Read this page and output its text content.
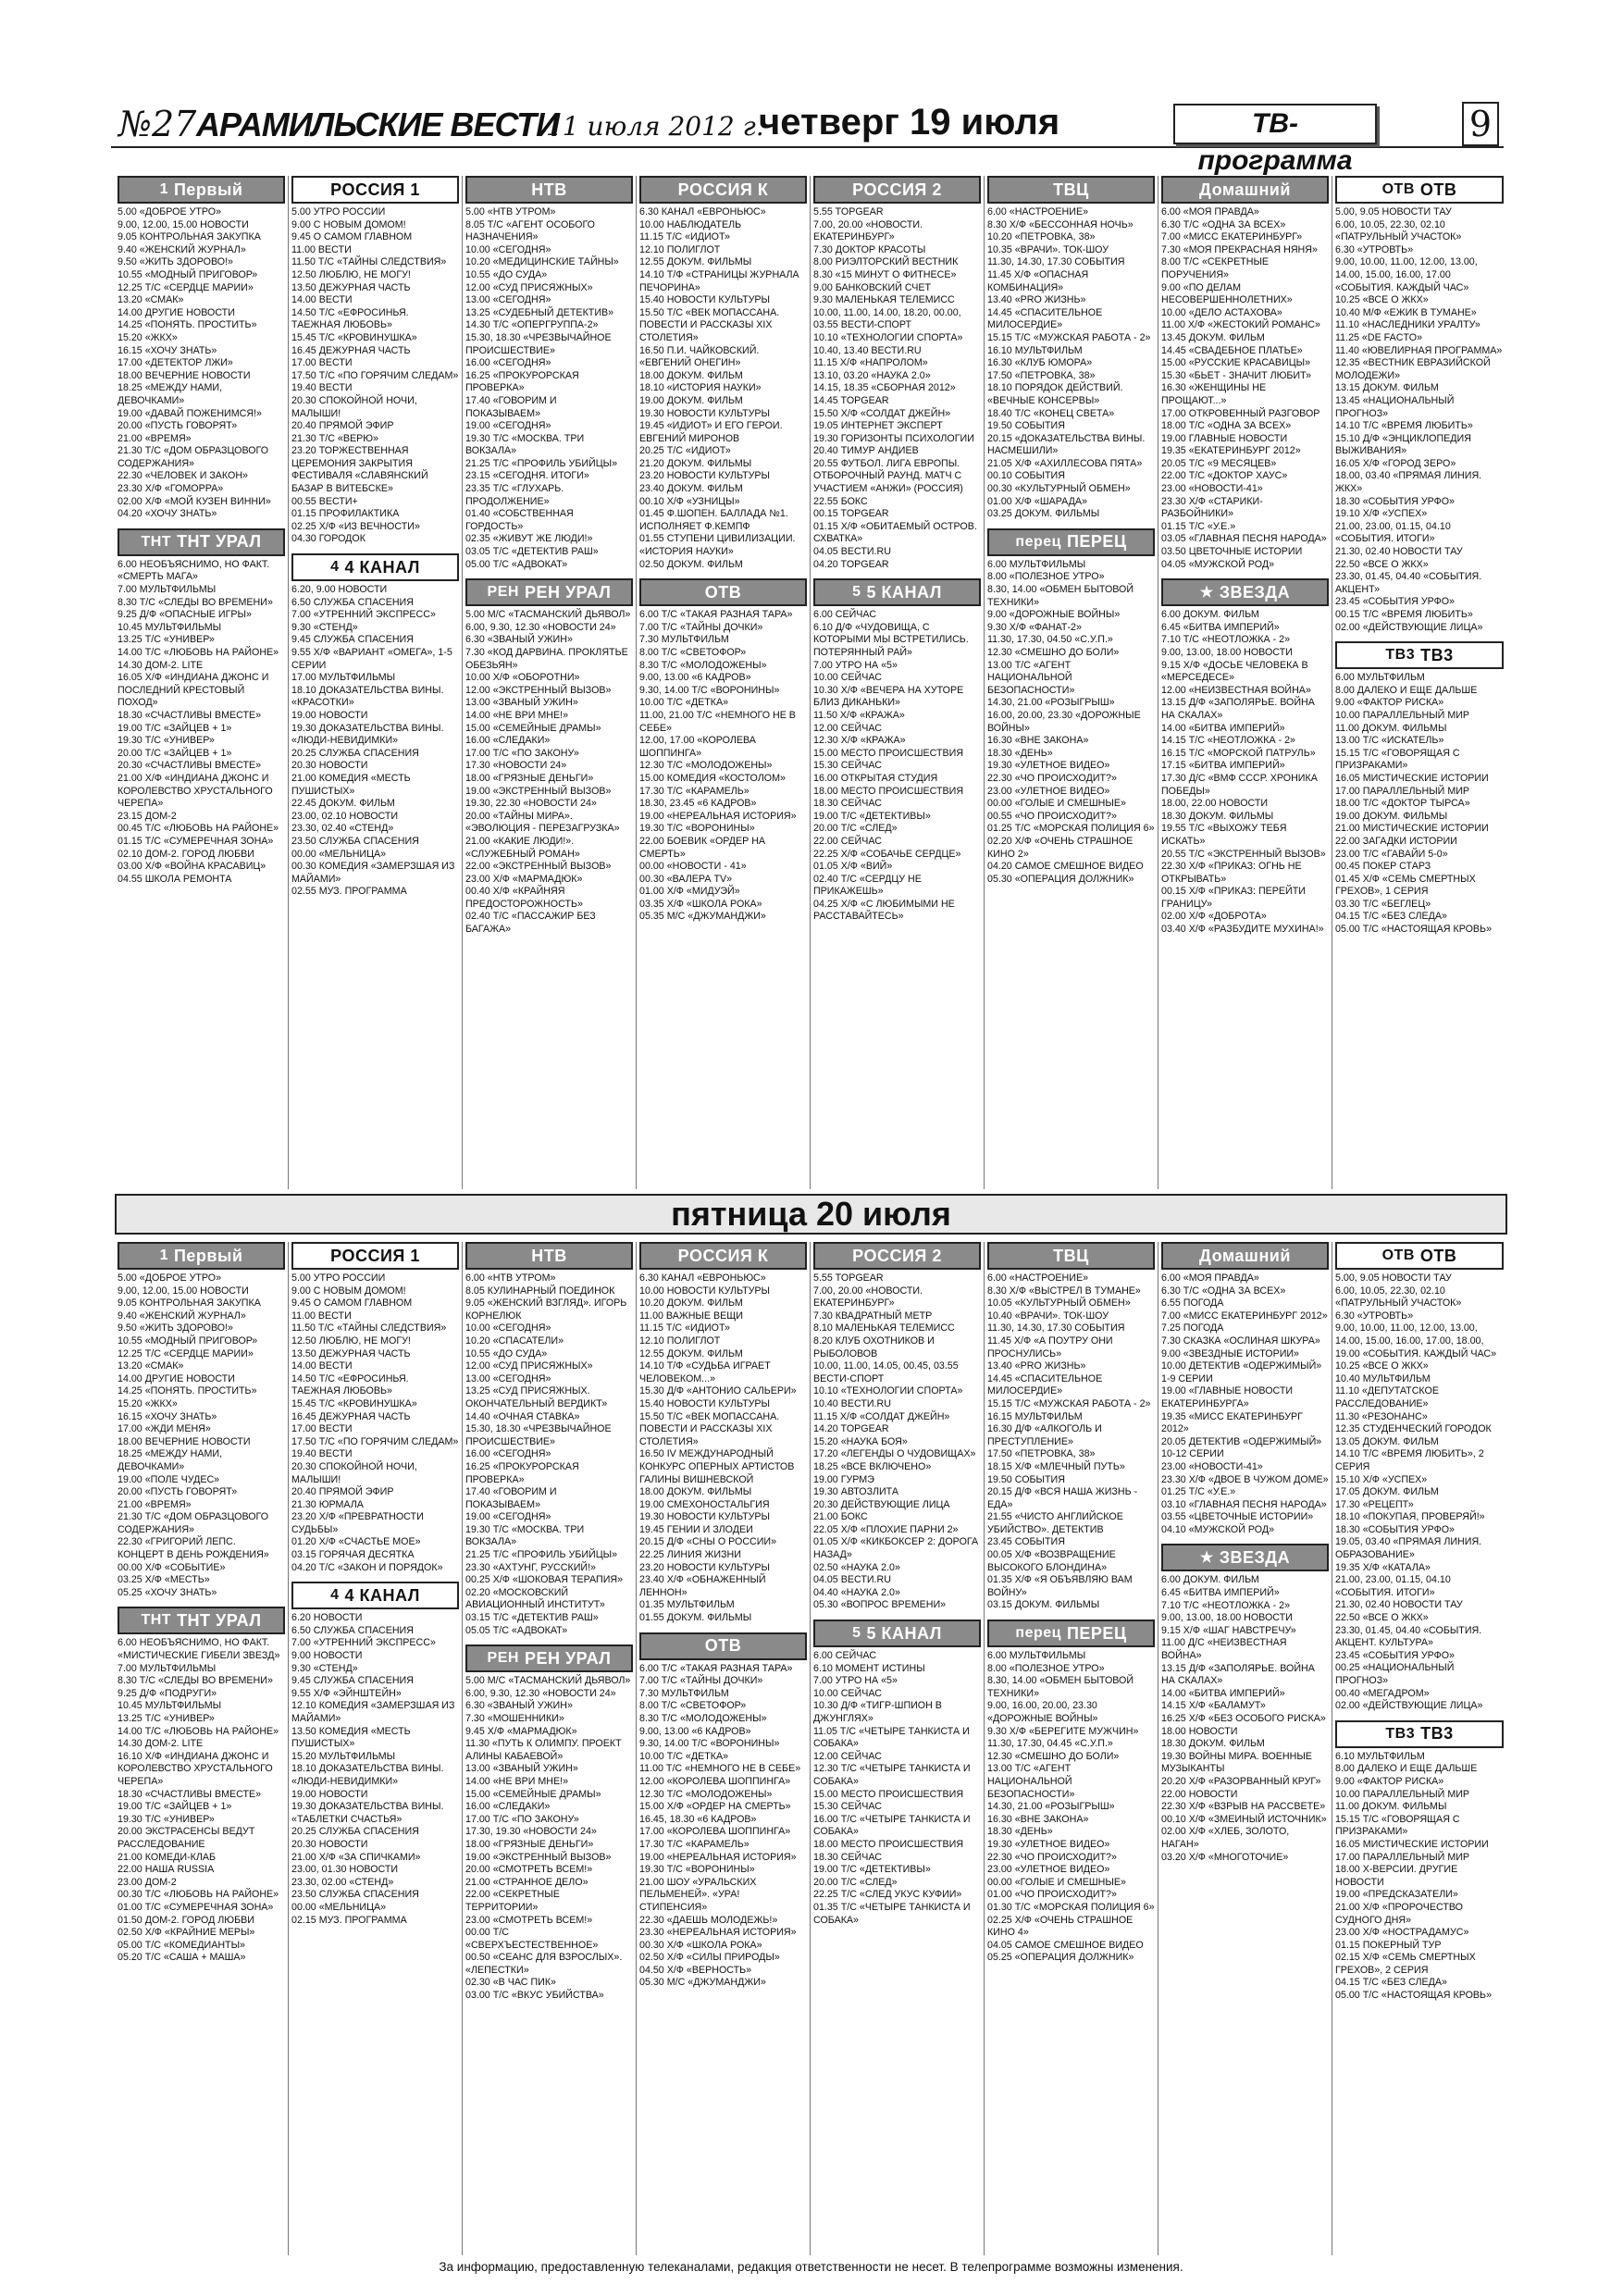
№27 АРАМИЛЬСКИЕ ВЕСТИ
11 июля 2012 г.
четверг 19 июля	ТВ-программа
9
1 Первый
5.00 «ДОБРОЕ УТРО»
9.00, 12.00, 15.00 НОВОСТИ
9.05 КОНТРОЛЬНАЯ ЗАКУПКА
9.40 «ЖЕНСКИЙ ЖУРНАЛ»
9.50 «ЖИТЬ ЗДОРОВО!»
10.55 «МОДНЫЙ ПРИГОВОР»
12.25 Т/С «СЕРДЦЕ МАРИИ»
13.20 «СМАК»
14.00 ДРУГИЕ НОВОСТИ
14.25 «ПОНЯТЬ. ПРОСТИТЬ»
15.20 «ЖКХ»
16.15 «ХОЧУ ЗНАТЬ»
17.00 «ДЕТЕКТОР ЛЖИ»
18.00 ВЕЧЕРНИЕ НОВОСТИ
18.25 «МЕЖДУ НАМИ, ДЕВОЧКАМИ»
19.00 «ДАВАЙ ПОЖЕНИМСЯ!»
20.00 «ПУСТЬ ГОВОРЯТ»
21.00 «ВРЕМЯ»
21.30 Т/С «ДОМ ОБРАЗЦОВОГО СОДЕРЖАНИЯ»
22.30 «ЧЕЛОВЕК И ЗАКОН»
23.30 Х/Ф «ГОМОРРА»
02.00 Х/Ф «МОЙ КУЗЕН ВИННИ»
04.20 «ХОЧУ ЗНАТЬ»
ТНТ ТНТ УРАЛ
6.00 НЕОБЪЯСНИМО, НО ФАКТ. «СМЕРТЬ МАГА»
7.00 МУЛЬТФИЛЬМЫ
8.30 Т/С «СЛЕДЫ ВО ВРЕМЕНИ»
9.25 Д/Ф «ОПАСНЫЕ ИГРЫ»
10.45 МУЛЬТФИЛЬМЫ
13.25 Т/С «УНИВЕР»
14.00 Т/С «ЛЮБОВЬ НА РАЙОНЕ»
14.30 ДОМ-2. LITE
16.05 Х/Ф «ИНДИАНА ДЖОНС И ПОСЛЕДНИЙ КРЕСТОВЫЙ ПОХОД»
18.30 «СЧАСТЛИВЫ ВМЕСТЕ»
19.00 Т/С «ЗАЙЦЕВ + 1»
19.30 Т/С «УНИВЕР»
20.00 Т/С «ЗАЙЦЕВ + 1»
20.30 «СЧАСТЛИВЫ ВМЕСТЕ»
21.00 Х/Ф «ИНДИАНА ДЖОНС И КОРОЛЕВСТВО ХРУСТАЛЬНОГО ЧЕРЕПА»
23.15 ДОМ-2
00.45 Т/С «ЛЮБОВЬ НА РАЙОНЕ»
01.15 Т/С «СУМЕРЕЧНАЯ ЗОНА»
02.10 ДОМ-2. ГОРОД ЛЮБВИ
03.00 Х/Ф «ВОЙНА КРАСАВИЦ»
04.55 ШКОЛА РЕМОНТА
РОССИЯ 1
5.00 УТРО РОССИИ
9.00 С НОВЫМ ДОМОМ!
9.45 О САМОМ ГЛАВНОМ
11.00 ВЕСТИ
11.50 Т/С «ТАЙНЫ СЛЕДСТВИЯ»
12.50 ЛЮБЛЮ, НЕ МОГУ!
13.50 ДЕЖУРНАЯ ЧАСТЬ
14.00 ВЕСТИ
14.50 Т/С «ЕФРОСИНЬЯ. ТАЕЖНАЯ ЛЮБОВЬ»
15.45 Т/С «КРОВИНУШКА»
16.45 ДЕЖУРНАЯ ЧАСТЬ
17.00 ВЕСТИ
17.50 Т/С «ПО ГОРЯЧИМ СЛЕДАМ»
19.40 ВЕСТИ
20.30 СПОКОЙНОЙ НОЧИ, МАЛЫШИ!
20.40 ПРЯМОЙ ЭФИР
21.30 Т/С «ВЕРЮ»
23.20 ТОРЖЕСТВЕННАЯ ЦЕРЕМОНИЯ ЗАКРЫТИЯ ФЕСТИВАЛЯ «СЛАВЯНСКИЙ БАЗАР В ВИТЕБСКЕ»
00.55 ВЕСТИ+
01.15 ПРОФИЛАКТИКА
02.25 Х/Ф «ИЗ ВЕЧНОСТИ»
04.30 ГОРОДОК
4 4 КАНАЛ
6.20, 9.00 НОВОСТИ
6.50 СЛУЖБА СПАСЕНИЯ
7.00 «УТРЕННИЙ ЭКСПРЕСС»
9.30 «СТЕНД»
9.45 СЛУЖБА СПАСЕНИЯ
9.55 Х/Ф «ВАРИАНТ «ОМЕГА», 1-5 СЕРИИ
17.00 МУЛЬТФИЛЬМЫ
18.10 ДОКАЗАТЕЛЬСТВА ВИНЫ. «КРАСОТКИ»
19.00 НОВОСТИ
19.30 ДОКАЗАТЕЛЬСТВА ВИНЫ. «ЛЮДИ-НЕВИДИМКИ»
20.25 СЛУЖБА СПАСЕНИЯ
20.30 НОВОСТИ
21.00 КОМЕДИЯ «МЕСТЬ ПУШИСТЫХ»
22.45 ДОКУМ. ФИЛЬМ
23.00, 02.10 НОВОСТИ
23.30, 02.40 «СТЕНД»
23.50 СЛУЖБА СПАСЕНИЯ
00.00 «МЕЛЬНИЦА»
00.30 КОМЕДИЯ «ЗАМЕРЗШАЯ ИЗ МАЙАМИ»
02.55 МУЗ. ПРОГРАММА
НТВ
5.00 «НТВ УТРОМ»
8.05 Т/С «АГЕНТ ОСОБОГО НАЗНАЧЕНИЯ»
10.00 «СЕГОДНЯ»
10.20 «МЕДИЦИНСКИЕ ТАЙНЫ»
10.55 «ДО СУДА»
12.00 «СУД ПРИСЯЖНЫХ»
13.00 «СЕГОДНЯ»
13.25 «СУДЕБНЫЙ ДЕТЕКТИВ»
14.30 Т/С «ОПЕРГРУППА-2»
15.30, 18.30 «ЧРЕЗВЫЧАЙНОЕ ПРОИСШЕСТВИЕ»
16.00 «СЕГОДНЯ»
16.25 «ПРОКУРОРСКАЯ ПРОВЕРКА»
17.40 «ГОВОРИМ И ПОКАЗЫВАЕМ»
19.00 «СЕГОДНЯ»
19.30 Т/С «МОСКВА. ТРИ ВОКЗАЛА»
21.25 Т/С «ПРОФИЛЬ УБИЙЦЫ»
23.15 «СЕГОДНЯ. ИТОГИ»
23.35 Т/С «ГЛУХАРЬ. ПРОДОЛЖЕНИЕ»
01.40 «СОБСТВЕННАЯ ГОРДОСТЬ»
02.35 «ЖИВУТ ЖЕ ЛЮДИ!»
03.05 Т/С «ДЕТЕКТИВ РАШ»
05.00 Т/С «АДВОКАТ»
РЕН РЕН УРАЛ
5.00 М/С «ТАСМАНСКИЙ ДЬЯВОЛ»
6.00, 9.30, 12.30 «НОВОСТИ 24»
6.30 «ЗВАНЫЙ УЖИН»
7.30 «КОД ДАРВИНА. ПРОКЛЯТЬЕ ОБЕЗЬЯН»
10.00 Х/Ф «ОБОРОТНИ»
12.00 «ЭКСТРЕННЫЙ ВЫЗОВ»
13.00 «ЗВАНЫЙ УЖИН»
14.00 «НЕ ВРИ МНЕ!»
15.00 «СЕМЕЙНЫЕ ДРАМЫ»
16.00 «СЛЕДАКИ»
17.00 Т/С «ПО ЗАКОНУ»
17.30 «НОВОСТИ 24»
18.00 «ГРЯЗНЫЕ ДЕНЬГИ»
19.00 «ЭКСТРЕННЫЙ ВЫЗОВ»
19.30, 22.30 «НОВОСТИ 24»
20.00 «ТАЙНЫ МИРА». «ЭВОЛЮЦИЯ - ПЕРЕЗАГРУЗКА»
21.00 «КАКИЕ ЛЮДИ!». «СЛУЖЕБНЫЙ РОМАН»
22.00 «ЭКСТРЕННЫЙ ВЫЗОВ»
23.00 Х/Ф «МАРМАДЮК»
00.40 Х/Ф «КРАЙНЯЯ ПРЕДОСТОРОЖНОСТЬ»
02.40 Т/С «ПАССАЖИР БЕЗ БАГАЖА»
РОССИЯ К
6.30 КАНАЛ «ЕВРОНЬЮС»
10.00 НАБЛЮДАТЕЛЬ
11.15 Т/С «ИДИОТ»
12.10 ПОЛИГЛОТ
12.55 ДОКУМ. ФИЛЬМЫ
14.10 Т/Ф «СТРАНИЦЫ ЖУРНАЛА ПЕЧОРИНА»
15.40 НОВОСТИ КУЛЬТУРЫ
15.50 Т/С «ВЕК МОПАССАНА. ПОВЕСТИ И РАССКАЗЫ XIX СТОЛЕТИЯ»
16.50 П.И. ЧАЙКОВСКИЙ. «ЕВГЕНИЙ ОНЕГИН»
18.00 ДОКУМ. ФИЛЬМ
18.10 «ИСТОРИЯ НАУКИ»
19.00 ДОКУМ. ФИЛЬМ
19.30 НОВОСТИ КУЛЬТУРЫ
19.45 «ИДИОТ» И ЕГО ГЕРОИ. ЕВГЕНИЙ МИРОНОВ
20.25 Т/С «ИДИОТ»
21.20 ДОКУМ. ФИЛЬМЫ
23.20 НОВОСТИ КУЛЬТУРЫ
23.40 ДОКУМ. ФИЛЬМ
00.10 Х/Ф «УЗНИЦЫ»
01.45 Ф.ШОПЕН. БАЛЛАДА №1. ИСПОЛНЯЕТ Ф.КЕМПФ
01.55 СТУПЕНИ ЦИВИЛИЗАЦИИ. «ИСТОРИЯ НАУКИ»
02.50 ДОКУМ. ФИЛЬМ
ОТВ
6.00 Т/С «ТАКАЯ РАЗНАЯ ТАРА»
7.00 Т/С «ТАЙНЫ ДОЧКИ»
7.30 МУЛЬТФИЛЬМ
8.00 Т/С «СВЕТОФОР»
8.30 Т/С «МОЛОДОЖЕНЫ»
9.00, 13.00 «6 КАДРОВ»
9.30, 14.00 Т/С «ВОРОНИНЫ»
10.00 Т/С «ДЕТКА»
11.00, 21.00 Т/С «НЕМНОГО НЕ В СЕБЕ»
12.00, 17.00 «КОРОЛЕВА ШОППИНГА»
12.30 Т/С «МОЛОДОЖЕНЫ»
15.00 КОМЕДИЯ «КОСТОЛОМ»
17.30 Т/С «КАРАМЕЛЬ»
18.30, 23.45 «6 КАДРОВ»
19.00 «НЕРЕАЛЬНАЯ ИСТОРИЯ»
19.30 Т/С «ВОРОНИНЫ»
22.00 БОЕВИК «ОРДЕР НА СМЕРТЬ»
00.00 «НОВОСТИ - 41»
00.30 «ВАЛЕРА TV»
01.00 Х/Ф «МИДУЭЙ»
03.35 Х/Ф «ШКОЛА РОКА»
05.35 М/С «ДЖУМАНДЖИ»
РОССИЯ 2
5.55 TOPGEAR
7.00, 20.00 «НОВОСТИ. ЕКАТЕРИНБУРГ»
7.30 ДОКТОР КРАСОТЫ
8.00 РИЭЛТОРСКИЙ ВЕСТНИК
8.30 «15 МИНУТ О ФИТНЕСЕ»
9.00 БАНКОВСКИЙ СЧЕТ
9.30 МАЛЕНЬКАЯ ТЕЛЕМИСС
10.00, 11.00, 14.00, 18.20, 00.00, 03.55 ВЕСТИ-СПОРТ
10.10 «ТЕХНОЛОГИИ СПОРТА»
10.40, 13.40 ВЕСТИ.RU
11.15 Х/Ф «НАПРОЛОМ»
13.10, 03.20 «НАУКА 2.0»
14.15, 18.35 «СБОРНАЯ 2012»
14.45 TOPGEAR
15.50 Х/Ф «СОЛДАТ ДЖЕЙН»
19.05 ИНТЕРНЕТ ЭКСПЕРТ
19.30 ГОРИЗОНТЫ ПСИХОЛОГИИ
20.40 ТИМУР АНДИЕВ
20.55 ФУТБОЛ. ЛИГА ЕВРОПЫ. ОТБОРОЧНЫЙ РАУНД. МАТЧ С УЧАСТИЕМ «АНЖИ» (РОССИЯ)
22.55 БОКС
00.15 TOPGEAR
01.15 Х/Ф «ОБИТАЕМЫЙ ОСТРОВ. СХВАТКА»
04.05 ВЕСТИ.RU
04.20 TOPGEAR
5 5 КАНАЛ
6.00 СЕЙЧАС
6.10 Д/Ф «ЧУДОВИЩА, С КОТОРЫМИ МЫ ВСТРЕТИЛИСЬ. ПОТЕРЯННЫЙ РАЙ»
7.00 УТРО НА «5»
10.00 СЕЙЧАС
10.30 Х/Ф «ВЕЧЕРА НА ХУТОРЕ БЛИЗ ДИКАНЬКИ»
11.50 Х/Ф «КРАЖА»
12.00 СЕЙЧАС
12.30 Х/Ф «КРАЖА»
15.00 МЕСТО ПРОИСШЕСТВИЯ
15.30 СЕЙЧАС
16.00 ОТКРЫТАЯ СТУДИЯ
18.00 МЕСТО ПРОИСШЕСТВИЯ
18.30 СЕЙЧАС
19.00 Т/С «ДЕТЕКТИВЫ»
20.00 Т/С «СЛЕД»
22.00 СЕЙЧАС
22.25 Х/Ф «СОБАЧЬЕ СЕРДЦЕ»
01.05 Х/Ф «ВИЙ»
02.40 Т/С «СЕРДЦУ НЕ ПРИКАЖЕШЬ»
04.25 Х/Ф «С ЛЮБИМЫМИ НЕ РАССТАВАЙТЕСЬ»
ТВЦ
6.00 «НАСТРОЕНИЕ»
8.30 Х/Ф «БЕССОННАЯ НОЧЬ»
10.20 «ПЕТРОВКА, 38»
10.35 «ВРАЧИ». ТОК-ШОУ
11.30, 14.30, 17.30 СОБЫТИЯ
11.45 Х/Ф «ОПАСНАЯ КОМБИНАЦИЯ»
13.40 «PRO ЖИЗНЬ»
14.45 «СПАСИТЕЛЬНОЕ МИЛОСЕРДИЕ»
15.15 Т/С «МУЖСКАЯ РАБОТА - 2»
16.10 МУЛЬТФИЛЬМ
16.30 «КЛУБ ЮМОРА»
17.50 «ПЕТРОВКА, 38»
18.10 ПОРЯДОК ДЕЙСТВИЙ. «ВЕЧНЫЕ КОНСЕРВЫ»
18.40 Т/С «КОНЕЦ СВЕТА»
19.50 СОБЫТИЯ
20.15 «ДОКАЗАТЕЛЬСТВА ВИНЫ. НАСМЕШИЛИ»
21.05 Х/Ф «АХИЛЛЕСОВА ПЯТА»
00.10 СОБЫТИЯ
00.30 «КУЛЬТУРНЫЙ ОБМЕН»
01.00 Х/Ф «ШАРАДА»
03.25 ДОКУМ. ФИЛЬМЫ
перец ПЕРЕЦ
6.00 МУЛЬТФИЛЬМЫ
8.00 «ПОЛЕЗНОЕ УТРО»
8.30, 14.00 «ОБМЕН БЫТОВОЙ ТЕХНИКИ»
9.00 «ДОРОЖНЫЕ ВОЙНЫ»
9.30 Х/Ф «ФАНАТ-2»
11.30, 17.30, 04.50 «С.У.П.»
12.30 «СМЕШНО ДО БОЛИ»
13.00 Т/С «АГЕНТ НАЦИОНАЛЬНОЙ БЕЗОПАСНОСТИ»
14.30, 21.00 «РОЗЫГРЫШ»
16.00, 20.00, 23.30 «ДОРОЖНЫЕ ВОЙНЫ»
16.30 «ВНЕ ЗАКОНА»
18.30 «ДЕНЬ»
19.30 «УЛЕТНОЕ ВИДЕО»
22.30 «ЧО ПРОИСХОДИТ?»
23.00 «УЛЕТНОЕ ВИДЕО»
00.00 «ГОЛЫЕ И СМЕШНЫЕ»
00.55 «ЧО ПРОИСХОДИТ?»
01.25 Т/С «МОРСКАЯ ПОЛИЦИЯ 6»
02.20 Х/Ф «ОЧЕНЬ СТРАШНОЕ КИНО 2»
04.20 САМОЕ СМЕШНОЕ ВИДЕО
05.30 «ОПЕРАЦИЯ ДОЛЖНИК»
Домашний
6.00 «МОЯ ПРАВДА»
6.30 Т/С «ОДНА ЗА ВСЕХ»
7.00 «МИСС ЕКАТЕРИНБУРГ»
7.30 «МОЯ ПРЕКРАСНАЯ НЯНЯ»
8.00 Т/С «СЕКРЕТНЫЕ ПОРУЧЕНИЯ»
9.00 «ПО ДЕЛАМ НЕСОВЕРШЕННОЛЕТНИХ»
10.00 «ДЕЛО АСТАХОВА»
11.00 Х/Ф «ЖЕСТОКИЙ РОМАНС»
13.45 ДОКУМ. ФИЛЬМ
14.45 «СВАДЕБНОЕ ПЛАТЬЕ»
15.00 «РУССКИЕ КРАСАВИЦЫ»
15.30 «БЬЕТ - ЗНАЧИТ ЛЮБИТ»
16.30 «ЖЕНЩИНЫ НЕ ПРОЩАЮТ...»
17.00 ОТКРОВЕННЫЙ РАЗГОВОР
18.00 Т/С «ОДНА ЗА ВСЕХ»
19.00 ГЛАВНЫЕ НОВОСТИ
19.35 «ЕКАТЕРИНБУРГ 2012»
20.05 Т/С «9 МЕСЯЦЕВ»
22.00 Т/С «ДОКТОР ХАУС»
23.00 «НОВОСТИ-41»
23.30 Х/Ф «СТАРИКИ-РАЗБОЙНИКИ»
01.15 Т/С «У.Е.»
03.05 «ГЛАВНАЯ ПЕСНЯ НАРОДА»
03.50 ЦВЕТОЧНЫЕ ИСТОРИИ
04.05 «МУЖСКОЙ РОД»
★ ЗВЕЗДА
6.00 ДОКУМ. ФИЛЬМ
6.45 «БИТВА ИМПЕРИЙ»
7.10 Т/С «НЕОТЛОЖКА - 2»
9.00, 13.00, 18.00 НОВОСТИ
9.15 Х/Ф «ДОСЬЕ ЧЕЛОВЕКА В «МЕРСЕДЕСЕ»
12.00 «НЕИЗВЕСТНАЯ ВОЙНА»
13.15 Д/Ф «ЗАПОЛЯРЬЕ. ВОЙНА НА СКАЛАХ»
14.00 «БИТВА ИМПЕРИЙ»
14.15 Т/С «НЕОТЛОЖКА - 2»
16.15 Т/С «МОРСКОЙ ПАТРУЛЬ»
17.15 «БИТВА ИМПЕРИЙ»
17.30 Д/С «ВМФ СССР. ХРОНИКА ПОБЕДЫ»
18.00, 22.00 НОВОСТИ
18.30 ДОКУМ. ФИЛЬМЫ
19.55 Т/С «ВЫХОЖУ ТЕБЯ ИСКАТЬ»
20.55 Т/С «ЭКСТРЕННЫЙ ВЫЗОВ»
22.30 Х/Ф «ПРИКАЗ: ОГНЬ НЕ ОТКРЫВАТЬ»
00.15 Х/Ф «ПРИКАЗ: ПЕРЕЙТИ ГРАНИЦУ»
02.00 Х/Ф «ДОБРОТА»
03.40 Х/Ф «РАЗБУДИТЕ МУХИНА!»
ОТВ ОТВ
5.00, 9.05 НОВОСТИ ТАУ
6.00, 10.05, 22.30, 02.10 «ПАТРУЛЬНЫЙ УЧАСТОК»
6.30 «УТРОВТЬ»
9.00, 10.00, 11.00, 12.00, 13.00, 14.00, 15.00, 16.00, 17.00 «СОБЫТИЯ. КАЖДЫЙ ЧАС»
10.25 «ВСЕ О ЖКХ»
10.40 М/Ф «ЕЖИК В ТУМАНЕ»
11.10 «НАСЛЕДНИКИ УРАЛТУ»
11.25 «DE FACTO»
11.40 «ЮВЕЛИРНАЯ ПРОГРАММА»
12.35 «ВЕСТНИК ЕВРАЗИЙСКОЙ МОЛОДЕЖИ»
13.15 ДОКУМ. ФИЛЬМ
13.45 «НАЦИОНАЛЬНЫЙ ПРОГНОЗ»
14.10 Т/С «ВРЕМЯ ЛЮБИТЬ»
15.10 Д/Ф «ЭНЦИКЛОПЕДИЯ ВЫЖИВАНИЯ»
16.05 Х/Ф «ГОРОД ЗЕРО»
18.00, 03.40 «ПРЯМАЯ ЛИНИЯ. ЖКХ»
18.30 «СОБЫТИЯ УРФО»
19.10 Х/Ф «УСПЕХ»
21.00, 23.00, 01.15, 04.10 «СОБЫТИЯ. ИТОГИ»
21.30, 02.40 НОВОСТИ ТАУ
22.50 «ВСЕ О ЖКХ»
23.30, 01.45, 04.40 «СОБЫТИЯ. АКЦЕНТ»
23.45 «СОБЫТИЯ УРФО»
00.15 Т/С «ВРЕМЯ ЛЮБИТЬ»
02.00 «ДЕЙСТВУЮЩИЕ ЛИЦА»
ТВ3 ТВ3
6.00 МУЛЬТФИЛЬМ
8.00 ДАЛЕКО И ЕЩЕ ДАЛЬШЕ
9.00 «ФАКТОР РИСКА»
10.00 ПАРАЛЛЕЛЬНЫЙ МИР
11.00 ДОКУМ. ФИЛЬМЫ
13.00 Т/С «ИСКАТЕЛЬ»
15.15 Т/С «ГОВОРЯЩАЯ С ПРИЗРАКАМИ»
16.05 МИСТИЧЕСКИЕ ИСТОРИИ
17.00 ПАРАЛЛЕЛЬНЫЙ МИР
18.00 Т/С «ДОКТОР ТЫРСА»
19.00 ДОКУМ. ФИЛЬМЫ
21.00 МИСТИЧЕСКИЕ ИСТОРИИ
22.00 ЗАГАДКИ ИСТОРИИ
23.00 Т/С «ГАВАЙИ 5-0»
00.45 ПОКЕР СТАРЗ
01.45 Х/Ф «СЕМЬ СМЕРТНЫХ ГРЕХОВ», 1 СЕРИЯ
03.30 Т/С «БЕГЛЕЦ»
04.15 Т/С «БЕЗ СЛЕДА»
05.00 Т/С «НАСТОЯЩАЯ КРОВЬ»
пятница 20 июля
1 Первый
5.00 «ДОБРОЕ УТРО»
9.00, 12.00, 15.00 НОВОСТИ
9.05 КОНТРОЛЬНАЯ ЗАКУПКА
9.40 «ЖЕНСКИЙ ЖУРНАЛ»
9.50 «ЖИТЬ ЗДОРОВО!»
10.55 «МОДНЫЙ ПРИГОВОР»
12.25 Т/С «СЕРДЦЕ МАРИИ»
13.20 «СМАК»
14.00 ДРУГИЕ НОВОСТИ
14.25 «ПОНЯТЬ. ПРОСТИТЬ»
15.20 «ЖКХ»
16.15 «ХОЧУ ЗНАТЬ»
17.00 «ЖДИ МЕНЯ»
18.00 ВЕЧЕРНИЕ НОВОСТИ
18.25 «МЕЖДУ НАМИ, ДЕВОЧКАМИ»
19.00 «ПОЛЕ ЧУДЕС»
20.00 «ПУСТЬ ГОВОРЯТ»
21.00 «ВРЕМЯ»
21.30 Т/С «ДОМ ОБРАЗЦОВОГО СОДЕРЖАНИЯ»
22.30 «ГРИГОРИЙ ЛЕПС. КОНЦЕРТ В ДЕНЬ РОЖДЕНИЯ»
00.00 Х/Ф «СОБЫТИЕ»
03.25 Х/Ф «МЕСТЬ»
05.25 «ХОЧУ ЗНАТЬ»
ТНТ ТНТ УРАЛ
6.00 НЕОБЪЯСНИМО, НО ФАКТ. «МИСТИЧЕСКИЕ ГИБЕЛИ ЗВЕЗД»
7.00 МУЛЬТФИЛЬМЫ
8.30 Т/С «СЛЕДЫ ВО ВРЕМЕНИ»
9.25 Д/Ф «ПОДРУГИ»
10.45 МУЛЬТФИЛЬМЫ
13.25 Т/С «УНИВЕР»
14.00 Т/С «ЛЮБОВЬ НА РАЙОНЕ»
14.30 ДОМ-2. LITE
16.10 Х/Ф «ИНДИАНА ДЖОНС И КОРОЛЕВСТВО ХРУСТАЛЬНОГО ЧЕРЕПА»
18.30 «СЧАСТЛИВЫ ВМЕСТЕ»
19.00 Т/С «ЗАЙЦЕВ + 1»
19.30 Т/С «УНИВЕР»
20.00 ЭКСТРАСЕНСЫ ВЕДУТ РАССЛЕДОВАНИЕ
21.00 КОМЕДИ-КЛАБ
22.00 НАША RUSSIA
23.00 ДОМ-2
00.30 Т/С «ЛЮБОВЬ НА РАЙОНЕ»
01.00 Т/С «СУМЕРЕЧНАЯ ЗОНА»
01.50 ДОМ-2. ГОРОД ЛЮБВИ
02.50 Х/Ф «КРАЙНИЕ МЕРЫ»
05.00 Т/С «КОМЕДИАНТЫ»
05.20 Т/С «САША + МАША»
РОССИЯ 1
5.00 УТРО РОССИИ
9.00 С НОВЫМ ДОМОМ!
9.45 О САМОМ ГЛАВНОМ
11.00 ВЕСТИ
11.50 Т/С «ТАЙНЫ СЛЕДСТВИЯ»
12.50 ЛЮБЛЮ, НЕ МОГУ!
13.50 ДЕЖУРНАЯ ЧАСТЬ
14.00 ВЕСТИ
14.50 Т/С «ЕФРОСИНЬЯ. ТАЕЖНАЯ ЛЮБОВЬ»
15.45 Т/С «КРОВИНУШКА»
16.45 ДЕЖУРНАЯ ЧАСТЬ
17.00 ВЕСТИ
17.50 Т/С «ПО ГОРЯЧИМ СЛЕДАМ»
19.40 ВЕСТИ
20.30 СПОКОЙНОЙ НОЧИ, МАЛЫШИ!
20.40 ПРЯМОЙ ЭФИР
21.30 ЮРМАЛА
23.20 Х/Ф «ПРЕВРАТНОСТИ СУДЬБЫ»
01.20 Х/Ф «СЧАСТЬЕ МОЕ»
03.15 ГОРЯЧАЯ ДЕСЯТКА
04.20 Т/С «ЗАКОН И ПОРЯДОК»
4 4 КАНАЛ
6.20 НОВОСТИ
6.50 СЛУЖБА СПАСЕНИЯ
7.00 «УТРЕННИЙ ЭКСПРЕСС»
9.00 НОВОСТИ
9.30 «СТЕНД»
9.45 СЛУЖБА СПАСЕНИЯ
9.55 Х/Ф «ЭЙНШТЕЙН»
12.10 КОМЕДИЯ «ЗАМЕРЗШАЯ ИЗ МАЙАМИ»
13.50 КОМЕДИЯ «МЕСТЬ ПУШИСТЫХ»
15.20 МУЛЬТФИЛЬМЫ
18.10 ДОКАЗАТЕЛЬСТВА ВИНЫ. «ЛЮДИ-НЕВИДИМКИ»
19.00 НОВОСТИ
19.30 ДОКАЗАТЕЛЬСТВА ВИНЫ. «ТАБЛЕТКИ СЧАСТЬЯ»
20.25 СЛУЖБА СПАСЕНИЯ
20.30 НОВОСТИ
21.00 Х/Ф «ЗА СПИЧКАМИ»
23.00, 01.30 НОВОСТИ
23.30, 02.00 «СТЕНД»
23.50 СЛУЖБА СПАСЕНИЯ
00.00 «МЕЛЬНИЦА»
02.15 МУЗ. ПРОГРАММА
НТВ
6.00 «НТВ УТРОМ»
8.05 КУЛИНАРНЫЙ ПОЕДИНОК
9.05 «ЖЕНСКИЙ ВЗГЛЯД». ИГОРЬ КОРНЕЛЮК
10.00 «СЕГОДНЯ»
10.20 «СПАСАТЕЛИ»
10.55 «ДО СУДА»
12.00 «СУД ПРИСЯЖНЫХ»
13.00 «СЕГОДНЯ»
13.25 «СУД ПРИСЯЖНЫХ. ОКОНЧАТЕЛЬНЫЙ ВЕРДИКТ»
14.40 «ОЧНАЯ СТАВКА»
15.30, 18.30 «ЧРЕЗВЫЧАЙНОЕ ПРОИСШЕСТВИЕ»
16.00 «СЕГОДНЯ»
16.25 «ПРОКУРОРСКАЯ ПРОВЕРКА»
17.40 «ГОВОРИМ И ПОКАЗЫВАЕМ»
19.00 «СЕГОДНЯ»
19.30 Т/С «МОСКВА. ТРИ ВОКЗАЛА»
21.25 Т/С «ПРОФИЛЬ УБИЙЦЫ»
23.30 «АХТУНГ, РУССКИЙ!»
00.25 Х/Ф «ШОКОВАЯ ТЕРАПИЯ»
02.20 «МОСКОВСКИЙ АВИАЦИОННЫЙ ИНСТИТУТ»
03.15 Т/С «ДЕТЕКТИВ РАШ»
05.05 Т/С «АДВОКАТ»
РЕН РЕН УРАЛ
5.00 М/С «ТАСМАНСКИЙ ДЬЯВОЛ»
6.00, 9.30, 12.30 «НОВОСТИ 24»
6.30 «ЗВАНЫЙ УЖИН»
7.30 «МОШЕННИКИ»
9.45 Х/Ф «МАРМАДЮК»
11.30 «ПУТЬ К ОЛИМПУ. ПРОЕКТ АЛИНЫ КАБАЕВОЙ»
13.00 «ЗВАНЫЙ УЖИН»
14.00 «НЕ ВРИ МНЕ!»
15.00 «СЕМЕЙНЫЕ ДРАМЫ»
16.00 «СЛЕДАКИ»
17.00 Т/С «ПО ЗАКОНУ»
17.30, 19.30 «НОВОСТИ 24»
18.00 «ГРЯЗНЫЕ ДЕНЬГИ»
19.00 «ЭКСТРЕННЫЙ ВЫЗОВ»
20.00 «СМОТРЕТЬ ВСЕМ!»
21.00 «СТРАННОЕ ДЕЛО»
22.00 «СЕКРЕТНЫЕ ТЕРРИТОРИИ»
23.00 «СМОТРЕТЬ ВСЕМ!»
00.00 Т/С «СВЕРХЪЕСТЕСТВЕННОЕ»
00.50 «СЕАНС ДЛЯ ВЗРОСЛЫХ». «ЛЕПЕСТКИ»
02.30 «В ЧАС ПИК»
03.00 Т/С «ВКУС УБИЙСТВА»
РОССИЯ К
6.30 КАНАЛ «ЕВРОНЬЮС»
10.00 НОВОСТИ КУЛЬТУРЫ
10.20 ДОКУМ. ФИЛЬМ
11.00 ВАЖНЫЕ ВЕЩИ
11.15 Т/С «ИДИОТ»
12.10 ПОЛИГЛОТ
12.55 ДОКУМ. ФИЛЬМ
14.10 Т/Ф «СУДЬБА ИГРАЕТ ЧЕЛОВЕКОМ...»
15.30 Д/Ф «АНТОНИО САЛЬЕРИ»
15.40 НОВОСТИ КУЛЬТУРЫ
15.50 Т/С «ВЕК МОПАССАНА. ПОВЕСТИ И РАССКАЗЫ XIX СТОЛЕТИЯ»
16.50 IV МЕЖДУНАРОДНЫЙ КОНКУРС ОПЕРНЫХ АРТИСТОВ ГАЛИНЫ ВИШНЕВСКОЙ
18.00 ДОКУМ. ФИЛЬМЫ
19.00 СМЕХОНОСТАЛЬГИЯ
19.30 НОВОСТИ КУЛЬТУРЫ
19.45 ГЕНИИ И ЗЛОДЕИ
20.15 Д/Ф «СНЫ О РОССИИ»
22.25 ЛИНИЯ ЖИЗНИ
23.20 НОВОСТИ КУЛЬТУРЫ
23.40 Х/Ф «ОБНАЖЕННЫЙ ЛЕННОН»
01.35 МУЛЬТФИЛЬМ
01.55 ДОКУМ. ФИЛЬМЫ
ОТВ
6.00 Т/С «ТАКАЯ РАЗНАЯ ТАРА»
7.00 Т/С «ТАЙНЫ ДОЧКИ»
7.30 МУЛЬТФИЛЬМ
8.00 Т/С «СВЕТОФОР»
8.30 Т/С «МОЛОДОЖЕНЫ»
9.00, 13.00 «6 КАДРОВ»
9.30, 14.00 Т/С «ВОРОНИНЫ»
10.00 Т/С «ДЕТКА»
11.00 Т/С «НЕМНОГО НЕ В СЕБЕ»
12.00 «КОРОЛЕВА ШОППИНГА»
12.30 Т/С «МОЛОДОЖЕНЫ»
15.00 Х/Ф «ОРДЕР НА СМЕРТЬ»
16.45, 18.30 «6 КАДРОВ»
17.00 «КОРОЛЕВА ШОППИНГА»
17.30 Т/С «КАРАМЕЛЬ»
19.00 «НЕРЕАЛЬНАЯ ИСТОРИЯ»
19.30 Т/С «ВОРОНИНЫ»
21.00 ШОУ «УРАЛЬСКИХ ПЕЛЬМЕНЕЙ». «УРА! СТИПЕНСИЯ»
22.30 «ДАЕШЬ МОЛОДЕЖЬ!»
23.30 «НЕРЕАЛЬНАЯ ИСТОРИЯ»
00.30 Х/Ф «ШКОЛА РОКА»
02.50 Х/Ф «СИЛЫ ПРИРОДЫ»
04.50 Х/Ф «ВЕРНОСТЬ»
05.30 М/С «ДЖУМАНДЖИ»
РОССИЯ 2
5.55 TOPGEAR
7.00, 20.00 «НОВОСТИ. ЕКАТЕРИНБУРГ»
7.30 КВАДРАТНЫЙ МЕТР
8.10 МАЛЕНЬКАЯ ТЕЛЕМИСС
8.20 КЛУБ ОХОТНИКОВ И РЫБОЛОВОВ
10.00, 11.00, 14.05, 00.45, 03.55 ВЕСТИ-СПОРТ
10.10 «ТЕХНОЛОГИИ СПОРТА»
10.40 ВЕСТИ.RU
11.15 Х/Ф «СОЛДАТ ДЖЕЙН»
14.20 TOPGEAR
15.20 «НАУКА БОЯ»
17.20 «ЛЕГЕНДЫ О ЧУДОВИЩАХ»
18.25 «ВСЕ ВКЛЮЧЕНО»
19.00 ГУРМЭ
19.30 АВТОЗЛИТА
20.30 ДЕЙСТВУЮЩИЕ ЛИЦА
21.00 БОКС
22.05 Х/Ф «ПЛОХИЕ ПАРНИ 2»
01.05 Х/Ф «КИКБОКСЕР 2: ДОРОГА НАЗАД»
02.50 «НАУКА 2.0»
04.05 ВЕСТИ.RU
04.40 «НАУКА 2.0»
05.30 «ВОПРОС ВРЕМЕНИ»
5 5 КАНАЛ
6.00 СЕЙЧАС
6.10 МОМЕНТ ИСТИНЫ
7.00 УТРО НА «5»
10.00 СЕЙЧАС
10.30 Д/Ф «ТИГР-ШПИОН В ДЖУНГЛЯХ»
11.05 Т/С «ЧЕТЫРЕ ТАНКИСТА И СОБАКА»
12.00 СЕЙЧАС
12.30 Т/С «ЧЕТЫРЕ ТАНКИСТА И СОБАКА»
15.00 МЕСТО ПРОИСШЕСТВИЯ
15.30 СЕЙЧАС
16.00 Т/С «ЧЕТЫРЕ ТАНКИСТА И СОБАКА»
18.00 МЕСТО ПРОИСШЕСТВИЯ
18.30 СЕЙЧАС
19.00 Т/С «ДЕТЕКТИВЫ»
20.00 Т/С «СЛЕД»
22.25 Т/С «СЛЕД УКУС КУФИИ»
01.35 Т/С «ЧЕТЫРЕ ТАНКИСТА И СОБАКА»
ТВЦ
6.00 «НАСТРОЕНИЕ»
8.30 Х/Ф «ВЫСТРЕЛ В ТУМАНЕ»
10.05 «КУЛЬТУРНЫЙ ОБМЕН»
10.40 «ВРАЧИ». ТОК-ШОУ
11.30, 14.30, 17.30 СОБЫТИЯ
11.45 Х/Ф «А ПОУТРУ ОНИ ПРОСНУЛИСЬ»
13.40 «PRO ЖИЗНЬ»
14.45 «СПАСИТЕЛЬНОЕ МИЛОСЕРДИЕ»
15.15 Т/С «МУЖСКАЯ РАБОТА - 2»
16.15 МУЛЬТФИЛЬМ
16.30 Д/Ф «АЛКОГОЛЬ И ПРЕСТУПЛЕНИЕ»
17.50 «ПЕТРОВКА, 38»
18.15 Х/Ф «МЛЕЧНЫЙ ПУТЬ»
19.50 СОБЫТИЯ
20.15 Д/Ф «ВСЯ НАША ЖИЗНЬ - ЕДА»
21.55 «ЧИСТО АНГЛИЙСКОЕ УБИЙСТВО». ДЕТЕКТИВ
23.45 СОБЫТИЯ
00.05 Х/Ф «ВОЗВРАЩЕНИЕ ВЫСОКОГО БЛОНДИНА»
01.35 Х/Ф «Я ОБЪЯВЛЯЮ ВАМ ВОЙНУ»
03.15 ДОКУМ. ФИЛЬМЫ
перец ПЕРЕЦ
6.00 МУЛЬТФИЛЬМЫ
8.00 «ПОЛЕЗНОЕ УТРО»
8.30, 14.00 «ОБМЕН БЫТОВОЙ ТЕХНИКИ»
9.00, 16.00, 20.00, 23.30 «ДОРОЖНЫЕ ВОЙНЫ»
9.30 Х/Ф «БЕРЕГИТЕ МУЖЧИН»
11.30, 17.30, 04.45 «С.У.П.»
12.30 «СМЕШНО ДО БОЛИ»
13.00 Т/С «АГЕНТ НАЦИОНАЛЬНОЙ БЕЗОПАСНОСТИ»
14.30, 21.00 «РОЗЫГРЫШ»
16.30 «ВНЕ ЗАКОНА»
18.30 «ДЕНЬ»
19.30 «УЛЕТНОЕ ВИДЕО»
22.30 «ЧО ПРОИСХОДИТ?»
23.00 «УЛЕТНОЕ ВИДЕО»
00.00 «ГОЛЫЕ И СМЕШНЫЕ»
01.00 «ЧО ПРОИСХОДИТ?»
01.30 Т/С «МОРСКАЯ ПОЛИЦИЯ 6»
02.25 Х/Ф «ОЧЕНЬ СТРАШНОЕ КИНО 4»
04.05 САМОЕ СМЕШНОЕ ВИДЕО
05.25 «ОПЕРАЦИЯ ДОЛЖНИК»
Домашний
6.00 «МОЯ ПРАВДА»
6.30 Т/С «ОДНА ЗА ВСЕХ»
6.55 ПОГОДА
7.00 «МИСС ЕКАТЕРИНБУРГ 2012»
7.25 ПОГОДА
7.30 СКАЗКА «ОСЛИНАЯ ШКУРА»
9.00 «ЗВЕЗДНЫЕ ИСТОРИИ»
10.00 ДЕТЕКТИВ «ОДЕРЖИМЫЙ» 1-9 СЕРИИ
19.00 «ГЛАВНЫЕ НОВОСТИ ЕКАТЕРИНБУРГА»
19.35 «МИСС ЕКАТЕРИНБУРГ 2012»
20.05 ДЕТЕКТИВ «ОДЕРЖИМЫЙ» 10-12 СЕРИИ
23.00 «НОВОСТИ-41»
23.30 Х/Ф «ДВОЕ В ЧУЖОМ ДОМЕ»
01.25 Т/С «У.Е.»
03.10 «ГЛАВНАЯ ПЕСНЯ НАРОДА»
03.55 «ЦВЕТОЧНЫЕ ИСТОРИИ»
04.10 «МУЖСКОЙ РОД»
★ ЗВЕЗДА
6.00 ДОКУМ. ФИЛЬМ
6.45 «БИТВА ИМПЕРИЙ»
7.10 Т/С «НЕОТЛОЖКА - 2»
9.00, 13.00, 18.00 НОВОСТИ
9.15 Х/Ф «ШАГ НАВСТРЕЧУ»
11.00 Д/С «НЕИЗВЕСТНАЯ ВОЙНА»
13.15 Д/Ф «ЗАПОЛЯРЬЕ. ВОЙНА НА СКАЛАХ»
14.00 «БИТВА ИМПЕРИЙ»
14.15 Х/Ф «БАЛАМУТ»
16.25 Х/Ф «БЕЗ ОСОБОГО РИСКА»
18.00 НОВОСТИ
18.30 ДОКУМ. ФИЛЬМ
19.30 ВОЙНЫ МИРА. ВОЕННЫЕ МУЗЫКАНТЫ
20.20 Х/Ф «РАЗОРВАННЫЙ КРУГ»
22.00 НОВОСТИ
22.30 Х/Ф «ВЗРЫВ НА РАССВЕТЕ»
00.10 Х/Ф «ЗМЕИНЫЙ ИСТОЧНИК»
02.00 Х/Ф «ХЛЕБ, ЗОЛОТО, НАГАН»
03.20 Х/Ф «МНОГОТОЧИЕ»
ОТВ ОТВ
5.00, 9.05 НОВОСТИ ТАУ
6.00, 10.05, 22.30, 02.10 «ПАТРУЛЬНЫЙ УЧАСТОК»
6.30 «УТРОВТЬ»
9.00, 10.00, 11.00, 12.00, 13.00, 14.00, 15.00, 16.00, 17.00, 18.00, 19.00 «СОБЫТИЯ. КАЖДЫЙ ЧАС»
10.25 «ВСЕ О ЖКХ»
10.40 МУЛЬТФИЛЬМ
11.10 «ДЕПУТАТСКОЕ РАССЛЕДОВАНИЕ»
11.30 «РЕЗОНАНС»
12.35 СТУДЕНЧЕСКИЙ ГОРОДОК
13.05 ДОКУМ. ФИЛЬМ
14.10 Т/С «ВРЕМЯ ЛЮБИТЬ», 2 СЕРИЯ
15.10 Х/Ф «УСПЕХ»
17.05 ДОКУМ. ФИЛЬМ
17.30 «РЕЦЕПТ»
18.10 «ПОКУПАЯ, ПРОВЕРЯЙ!»
18.30 «СОБЫТИЯ УРФО»
19.05, 03.40 «ПРЯМАЯ ЛИНИЯ. ОБРАЗОВАНИЕ»
19.35 Х/Ф «КАТАЛА»
21.00, 23.00, 01.15, 04.10 «СОБЫТИЯ. ИТОГИ»
21.30, 02.40 НОВОСТИ ТАУ
22.50 «ВСЕ О ЖКХ»
23.30, 01.45, 04.40 «СОБЫТИЯ. АКЦЕНТ. КУЛЬТУРА»
23.45 «СОБЫТИЯ УРФО»
00.25 «НАЦИОНАЛЬНЫЙ ПРОГНОЗ»
00.40 «МЕГАДРОМ»
02.00 «ДЕЙСТВУЮЩИЕ ЛИЦА»
ТВ3 ТВ3
6.10 МУЛЬТФИЛЬМ
8.00 ДАЛЕКО И ЕЩЕ ДАЛЬШЕ
9.00 «ФАКТОР РИСКА»
10.00 ПАРАЛЛЕЛЬНЫЙ МИР
11.00 ДОКУМ. ФИЛЬМЫ
15.15 Т/С «ГОВОРЯЩАЯ С ПРИЗРАКАМИ»
16.05 МИСТИЧЕСКИЕ ИСТОРИИ
17.00 ПАРАЛЛЕЛЬНЫЙ МИР
18.00 Х-ВЕРСИИ. ДРУГИЕ НОВОСТИ
19.00 «ПРЕДСКАЗАТЕЛИ»
21.00 Х/Ф «ПРОРОЧЕСТВО СУДНОГО ДНЯ»
23.00 Х/Ф «НОСТРАДАМУС»
01.15 ПОКЕРНЫЙ ТУР
02.15 Х/Ф «СЕМЬ СМЕРТНЫХ ГРЕХОВ», 2 СЕРИЯ
04.15 Т/С «БЕЗ СЛЕДА»
05.00 Т/С «НАСТОЯЩАЯ КРОВЬ»
За информацию, предоставленную телеканалами, редакция ответственности не несет. В телепрограмме возможны изменения.
